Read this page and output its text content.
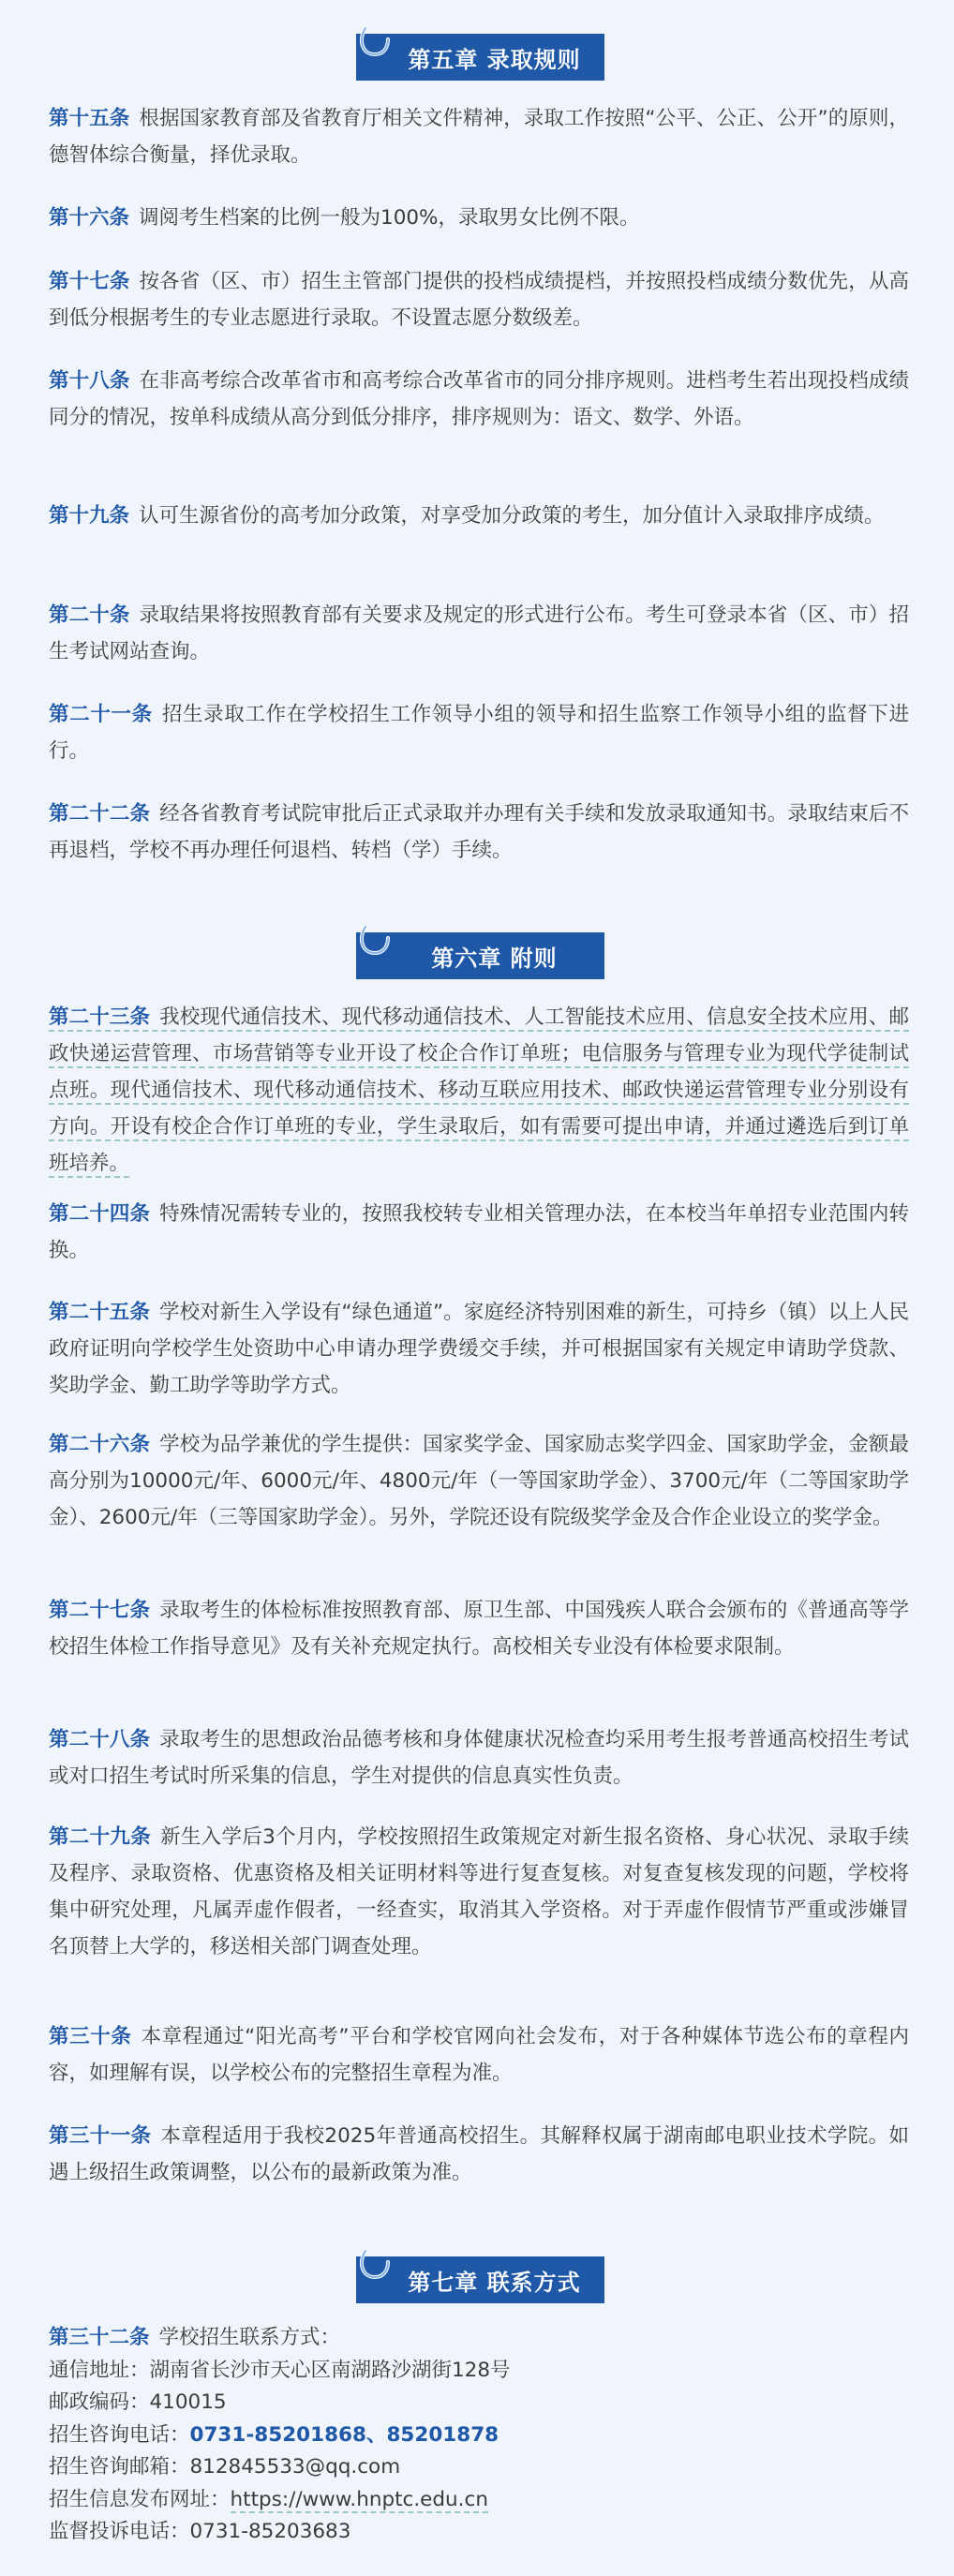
第五章 录取规则

第十五条 根据国家教育部及省教育厅相关文件精神，录取工作按照“公平、公正、公开”的原则，德智体综合衡量，择优录取。

第十六条 调阅考生档案的比例一般为100%，录取男女比例不限。

第十七条 按各省（区、市）招生主管部门提供的投档成绩提档，并按照投档成绩分数优先，从高到低分根据考生的专业志愿进行录取。不设置志愿分数级差。

第十八条 在非高考综合改革省市和高考综合改革省市的同分排序规则。进档考生若出现投档成绩同分的情况，按单科成绩从高分到低分排序，排序规则为：语文、数学、外语。

第十九条 认可生源省份的高考加分政策，对享受加分政策的考生，加分值计入录取排序成绩。

第二十条 录取结果将按照教育部有关要求及规定的形式进行公布。考生可登录本省（区、市）招生考试网站查询。

第二十一条 招生录取工作在学校招生工作领导小组的领导和招生监察工作领导小组的监督下进行。

第二十二条 经各省教育考试院审批后正式录取并办理有关手续和发放录取通知书。录取结束后不再退档，学校不再办理任何退档、转档（学）手续。

第六章 附则

第二十三条 我校现代通信技术、现代移动通信技术、人工智能技术应用、信息安全技术应用、邮政快递运营管理、市场营销等专业开设了校企合作订单班；电信服务与管理专业为现代学徒制试点班。现代通信技术、现代移动通信技术、移动互联应用技术、邮政快递运营管理专业分别设有方向。开设有校企合作订单班的专业，学生录取后，如有需要可提出申请，并通过遴选后到订单班培养。

第二十四条 特殊情况需转专业的，按照我校转专业相关管理办法，在本校当年单招专业范围内转换。

第二十五条 学校对新生入学设有“绿色通道”。家庭经济特别困难的新生，可持乡（镇）以上人民政府证明向学校学生处资助中心申请办理学费缓交手续，并可根据国家有关规定申请助学贷款、奖助学金、勤工助学等助学方式。

第二十六条 学校为品学兼优的学生提供：国家奖学金、国家励志奖学四金、国家助学金，金额最高分别为10000元/年、6000元/年、4800元/年（一等国家助学金）、3700元/年（二等国家助学金）、2600元/年（三等国家助学金）。另外，学院还设有院级奖学金及合作企业设立的奖学金。

第二十七条 录取考生的体检标准按照教育部、原卫生部、中国残疾人联合会颁布的《普通高等学校招生体检工作指导意见》及有关补充规定执行。高校相关专业没有体检要求限制。

第二十八条 录取考生的思想政治品德考核和身体健康状况检查均采用考生报考普通高校招生考试或对口招生考试时所采集的信息，学生对提供的信息真实性负责。

第二十九条 新生入学后3个月内，学校按照招生政策规定对新生报名资格、身心状况、录取手续及程序、录取资格、优惠资格及相关证明材料等进行复查复核。对复查复核发现的问题，学校将集中研究处理，凡属弄虚作假者，一经查实，取消其入学资格。对于弄虚作假情节严重或涉嫌冒名顶替上大学的，移送相关部门调查处理。

第三十条 本章程通过“阳光高考”平台和学校官网向社会发布，对于各种媒体节选公布的章程内容，如理解有误，以学校公布的完整招生章程为准。

第三十一条 本章程适用于我校2025年普通高校招生。其解释权属于湖南邮电职业技术学院。如遇上级招生政策调整，以公布的最新政策为准。

第七章 联系方式
第三十二条 学校招生联系方式：
通信地址：湖南省长沙市天心区南湖路沙湖街128号
邮政编码：410015
招生咨询电话：0731-85201868、85201878
招生咨询邮箱：812845533@qq.com
招生信息发布网址：https://www.hnptc.edu.cn
监督投诉电话：0731-85203683
